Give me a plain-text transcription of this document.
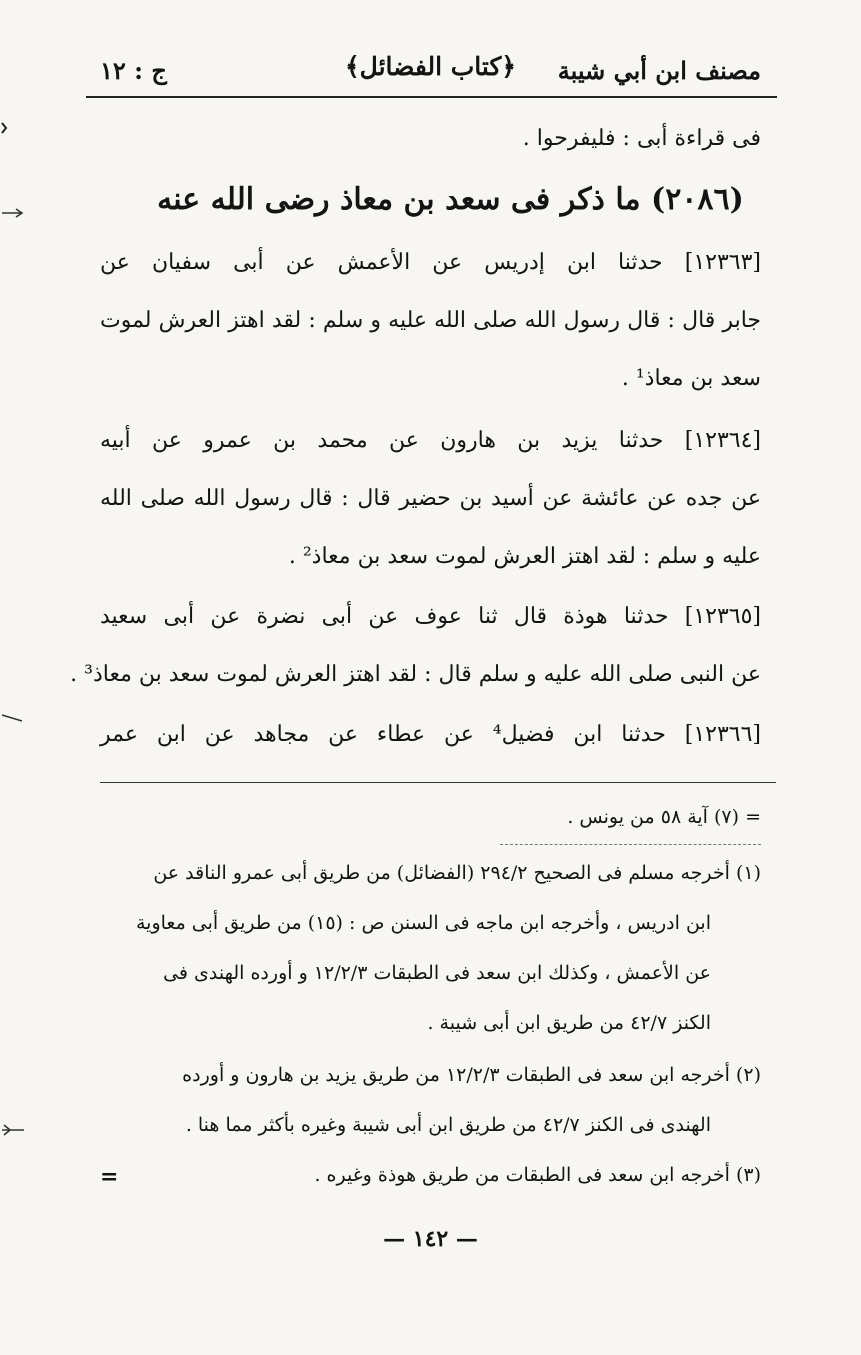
مصنف ابن أبي شيبة
﴿كتاب الفضائل﴾
ج : ١٢
فى قراءة أبى : فليفرحوا .
(٢٠٨٦) ما ذكر فى سعد بن معاذ رضى الله عنه
[١٢٣٦٣] حدثنا ابن إدريس عن الأعمش عن أبى سفيان عن
جابر قال : قال رسول الله صلى الله عليه و سلم : لقد اهتز العرش لموت
سعد بن معاذ¹ .
[١٢٣٦٤] حدثنا يزيد بن هارون عن محمد بن عمرو عن أبيه
عن جده عن عائشة عن أسيد بن حضير قال : قال رسول الله صلى الله
عليه و سلم : لقد اهتز العرش لموت سعد بن معاذ² .
[١٢٣٦٥] حدثنا هوذة قال ثنا عوف عن أبى نضرة عن أبى سعيد
عن النبى صلى الله عليه و سلم قال : لقد اهتز العرش لموت سعد بن معاذ³ .
[١٢٣٦٦] حدثنا ابن فضيل⁴ عن عطاء عن مجاهد عن ابن عمر
= (٧) آية ٥٨ من يونس .
(١) أخرجه مسلم فى الصحيح ٢٩٤/٢ (الفضائل) من طريق أبى عمرو الناقد عن
ابن ادريس ، وأخرجه ابن ماجه فى السنن ص : (١٥) من طريق أبى معاوية
عن الأعمش ، وكذلك ابن سعد فى الطبقات ١٢/٢/٣ و أورده الهندى فى
الكنز ٤٢/٧ من طريق ابن أبى شيبة .
(٢) أخرجه ابن سعد فى الطبقات ١٢/٢/٣ من طريق يزيد بن هارون و أورده
الهندى فى الكنز ٤٢/٧ من طريق ابن أبى شيبة وغيره بأكثر مما هنا .
(٣) أخرجه ابن سعد فى الطبقات من طريق هوذة وغيره .
=
— ١٤٢ —
